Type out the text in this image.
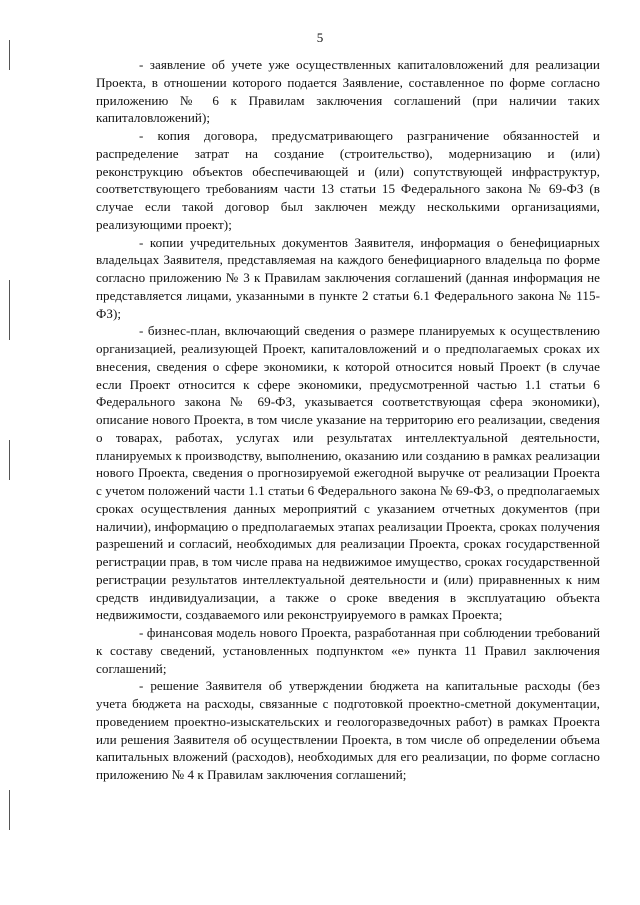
5

- заявление об учете уже осуществленных капиталовложений для реализации Проекта, в отношении которого подается Заявление, составленное по форме согласно приложению № 6 к Правилам заключения соглашений (при наличии таких капиталовложений);

- копия договора, предусматривающего разграничение обязанностей и распределение затрат на создание (строительство), модернизацию и (или) реконструкцию объектов обеспечивающей и (или) сопутствующей инфраструктур, соответствующего требованиям части 13 статьи 15 Федерального закона № 69-ФЗ (в случае если такой договор был заключен между несколькими организациями, реализующими проект);

- копии учредительных документов Заявителя, информация о бенефициарных владельцах Заявителя, представляемая на каждого бенефициарного владельца по форме согласно приложению № 3 к Правилам заключения соглашений (данная информация не представляется лицами, указанными в пункте 2 статьи 6.1 Федерального закона № 115-ФЗ);

- бизнес-план, включающий сведения о размере планируемых к осуществлению организацией, реализующей Проект, капиталовложений и о предполагаемых сроках их внесения, сведения о сфере экономики, к которой относится новый Проект (в случае если Проект относится к сфере экономики, предусмотренной частью 1.1 статьи 6 Федерального закона № 69-ФЗ, указывается соответствующая сфера экономики), описание нового Проекта, в том числе указание на территорию его реализации, сведения о товарах, работах, услугах или результатах интеллектуальной деятельности, планируемых к производству, выполнению, оказанию или созданию в рамках реализации нового Проекта, сведения о прогнозируемой ежегодной выручке от реализации Проекта с учетом положений части 1.1 статьи 6 Федерального закона № 69-ФЗ, о предполагаемых сроках осуществления данных мероприятий с указанием отчетных документов (при наличии), информацию о предполагаемых этапах реализации Проекта, сроках получения разрешений и согласий, необходимых для реализации Проекта, сроках государственной регистрации прав, в том числе права на недвижимое имущество, сроках государственной регистрации результатов интеллектуальной деятельности и (или) приравненных к ним средств индивидуализации, а также о сроке введения в эксплуатацию объекта недвижимости, создаваемого или реконструируемого в рамках Проекта;

- финансовая модель нового Проекта, разработанная при соблюдении требований к составу сведений, установленных подпунктом «е» пункта 11 Правил заключения соглашений;

- решение Заявителя об утверждении бюджета на капитальные расходы (без учета бюджета на расходы, связанные с подготовкой проектно-сметной документации, проведением проектно-изыскательских и геологоразведочных работ) в рамках Проекта или решения Заявителя об осуществлении Проекта, в том числе об определении объема капитальных вложений (расходов), необходимых для его реализации, по форме согласно приложению № 4 к Правилам заключения соглашений;
